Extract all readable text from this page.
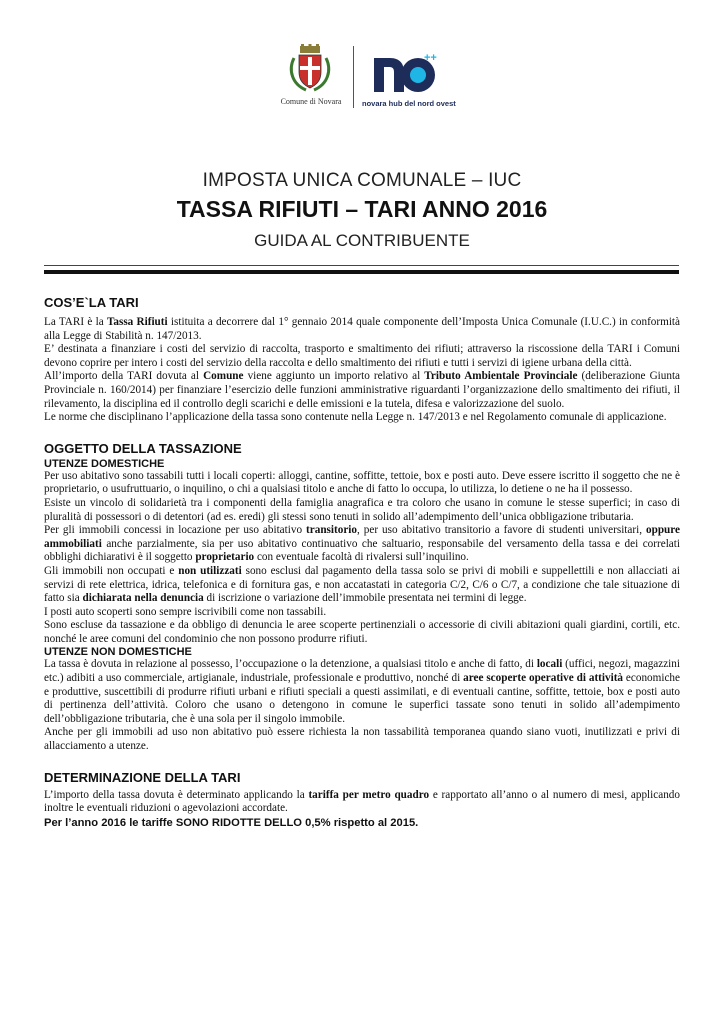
Comune di Novara
++
novara hub del nord ovest
IMPOSTA UNICA COMUNALE – IUC
TASSA RIFIUTI – TARI ANNO 2016
GUIDA AL CONTRIBUENTE
COS’E`LA TARI

La TARI è la Tassa Rifiuti istituita a decorrere dal 1° gennaio 2014 quale componente dell’Imposta Unica Comunale (I.U.C.) in conformità alla Legge di Stabilità n. 147/2013.

E’ destinata a finanziare i costi del servizio di raccolta, trasporto e smaltimento dei rifiuti; attraverso la riscossione della TARI i Comuni devono coprire per intero i costi del servizio della raccolta e dello smaltimento dei rifiuti e tutti i servizi di igiene urbana della città.

All’importo della TARI dovuta al Comune viene aggiunto un importo relativo al Tributo Ambientale Provinciale (deliberazione Giunta Provinciale n. 160/2014) per finanziare l’esercizio delle funzioni amministrative riguardanti l’organizzazione dello smaltimento dei rifiuti, il rilevamento, la disciplina ed il controllo degli scarichi e delle emissioni e la tutela, difesa e valorizzazione del suolo.

Le norme che disciplinano l’applicazione della tassa sono contenute nella Legge n. 147/2013 e nel Regolamento comunale di applicazione.

OGGETTO DELLA TASSAZIONE
UTENZE DOMESTICHE

Per uso abitativo sono tassabili tutti i locali coperti: alloggi, cantine, soffitte, tettoie, box e posti auto. Deve essere iscritto il soggetto che ne è proprietario, o usufruttuario, o inquilino, o chi a qualsiasi titolo e anche di fatto lo occupa, lo utilizza, lo detiene o ne ha il possesso.

Esiste un vincolo di solidarietà tra i componenti della famiglia anagrafica e tra coloro che usano in comune le stesse superfici; in caso di pluralità di possessori o di detentori (ad es. eredi) gli stessi sono tenuti in solido all’adempimento dell’unica obbligazione tributaria.

Per gli immobili concessi in locazione per uso abitativo transitorio, per uso abitativo transitorio a favore di studenti universitari, oppure ammobiliati anche parzialmente, sia per uso abitativo continuativo che saltuario, responsabile del versamento della tassa e dei correlati obblighi dichiarativi è il soggetto proprietario con eventuale facoltà di rivalersi sull’inquilino.

Gli immobili non occupati e non utilizzati sono esclusi dal pagamento della tassa solo se privi di mobili e suppellettili e non allacciati ai servizi di rete elettrica, idrica, telefonica e di fornitura gas, e non accatastati in categoria C/2, C/6 o C/7, a condizione che tale situazione di fatto sia dichiarata nella denuncia di iscrizione o variazione dell’immobile presentata nei termini di legge.

I posti auto scoperti sono sempre iscrivibili come non tassabili.

Sono escluse da tassazione e da obbligo di denuncia le aree scoperte pertinenziali o accessorie di civili abitazioni quali giardini, cortili, etc. nonché le aree comuni del condominio che non possono produrre rifiuti.

UTENZE NON DOMESTICHE

La tassa è dovuta in relazione al possesso, l’occupazione o la detenzione, a qualsiasi titolo e anche di fatto, di locali (uffici, negozi, magazzini etc.) adibiti a uso commerciale, artigianale, industriale, professionale e produttivo, nonché di aree scoperte operative di attività economiche e produttive, suscettibili di produrre rifiuti urbani e rifiuti speciali a questi assimilati, e di eventuali cantine, soffitte, tettoie, box e posti auto di pertinenza dell’attività. Coloro che usano o detengono in comune le superfici tassate sono tenuti in solido all’adempimento dell’obbligazione tributaria, che è una sola per il singolo immobile.

Anche per gli immobili ad uso non abitativo può essere richiesta la non tassabilità temporanea quando siano vuoti, inutilizzati e privi di allacciamento a utenze.

DETERMINAZIONE DELLA TARI

L’importo della tassa dovuta è determinato applicando la tariffa per metro quadro e rapportato all’anno o al numero di mesi, applicando inoltre le eventuali riduzioni o agevolazioni accordate.

Per l’anno 2016 le tariffe SONO RIDOTTE DELLO 0,5% rispetto al 2015.
